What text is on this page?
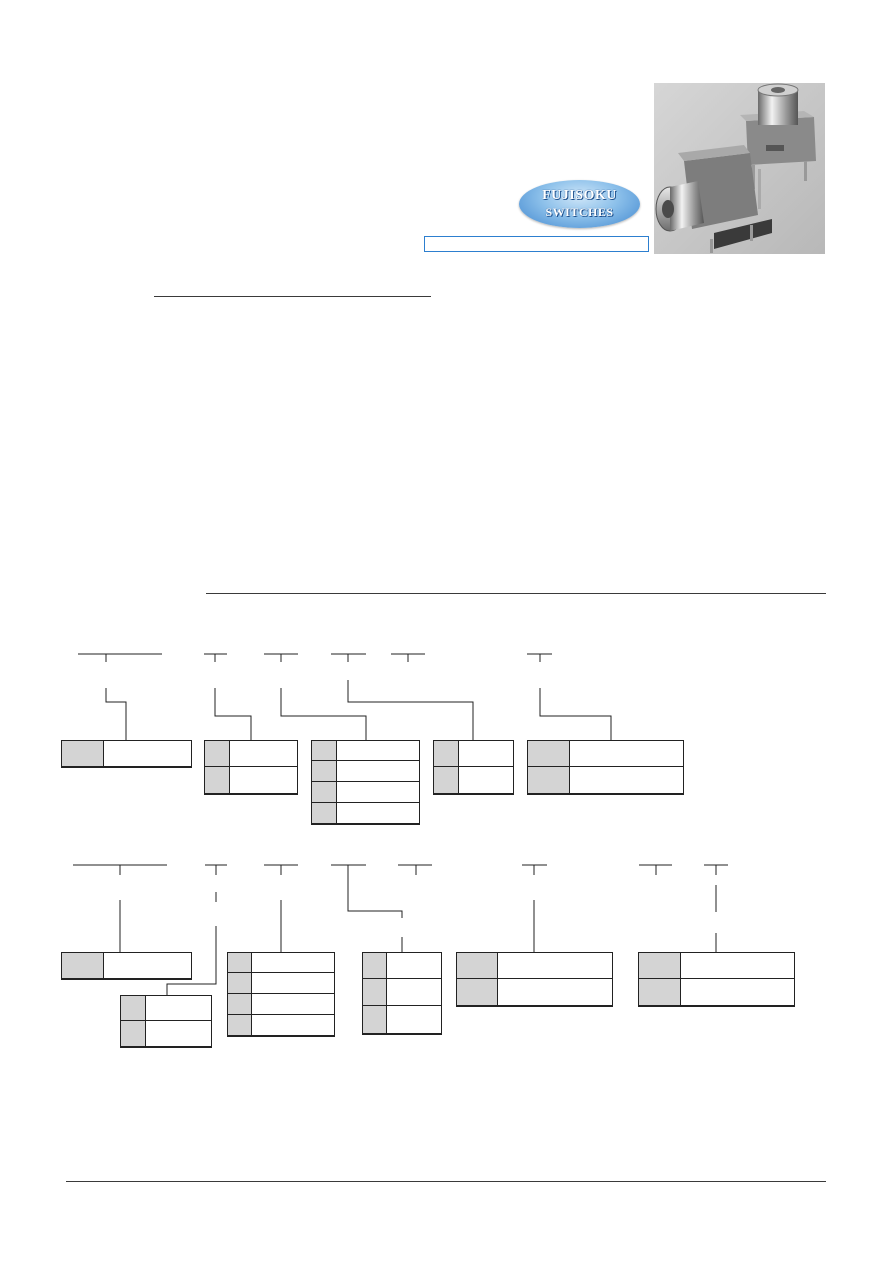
FUJISOKU
SWITCHES
